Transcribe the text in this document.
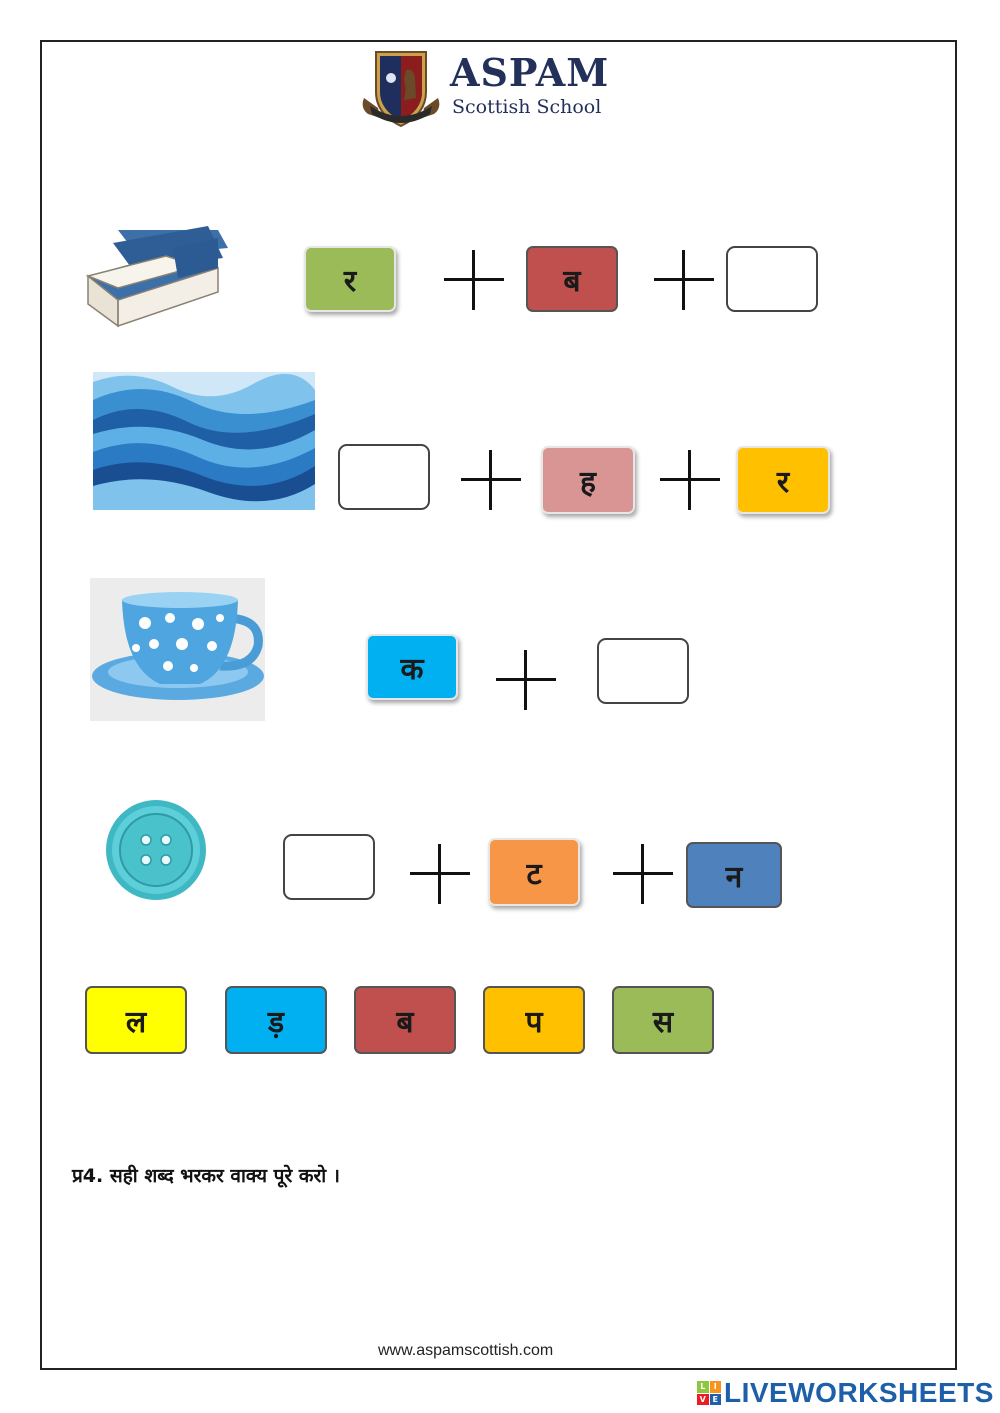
ASPAM
Scottish School
र	ब
ह	र
क
ट	न
ल	ड़	ब	प	स
प्र4. सही शब्द भरकर वाक्य पूरे करो ।
www.aspamscottish.com
L	I
V E LIVEWORKSHEETS
